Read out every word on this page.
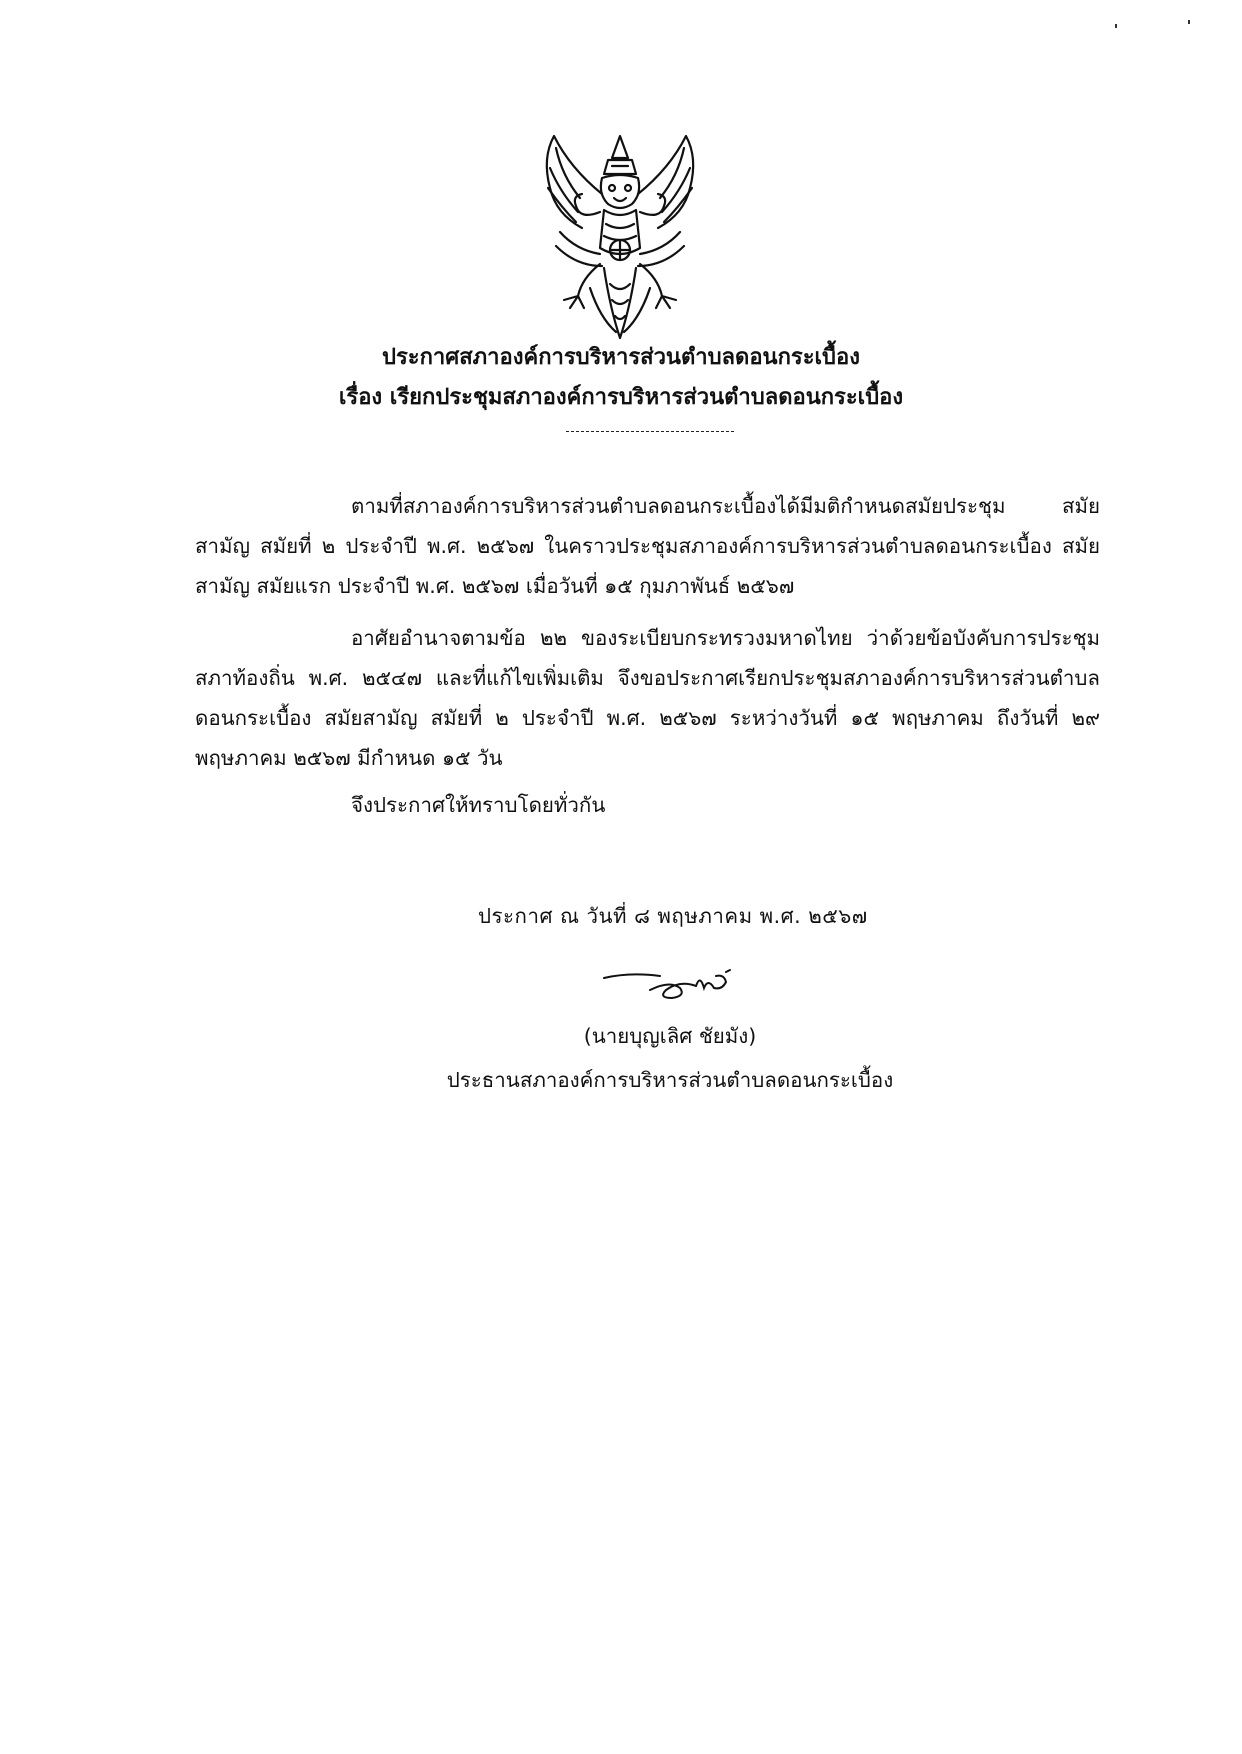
ประกาศสภาองค์การบริหารส่วนตำบลดอนกระเบื้อง
เรื่อง เรียกประชุมสภาองค์การบริหารส่วนตำบลดอนกระเบื้อง

ตามที่สภาองค์การบริหารส่วนตำบลดอนกระเบื้องได้มีมติกำหนดสมัยประชุม สมัยสามัญ สมัยที่ ๒ ประจำปี พ.ศ. ๒๕๖๗ ในคราวประชุมสภาองค์การบริหารส่วนตำบลดอนกระเบื้อง สมัยสามัญ สมัยแรก ประจำปี พ.ศ. ๒๕๖๗ เมื่อวันที่ ๑๕ กุมภาพันธ์ ๒๕๖๗

อาศัยอำนาจตามข้อ ๒๒ ของระเบียบกระทรวงมหาดไทย ว่าด้วยข้อบังคับการประชุมสภาท้องถิ่น พ.ศ. ๒๕๔๗ และที่แก้ไขเพิ่มเติม จึงขอประกาศเรียกประชุมสภาองค์การบริหารส่วนตำบลดอนกระเบื้อง สมัยสามัญ สมัยที่ ๒ ประจำปี พ.ศ. ๒๕๖๗ ระหว่างวันที่ ๑๕ พฤษภาคม ถึงวันที่ ๒๙ พฤษภาคม ๒๕๖๗ มีกำหนด ๑๕ วัน

จึงประกาศให้ทราบโดยทั่วกัน
ประกาศ ณ วันที่ ๘ พฤษภาคม พ.ศ. ๒๕๖๗
(นายบุญเลิศ ชัยมัง)
ประธานสภาองค์การบริหารส่วนตำบลดอนกระเบื้อง
